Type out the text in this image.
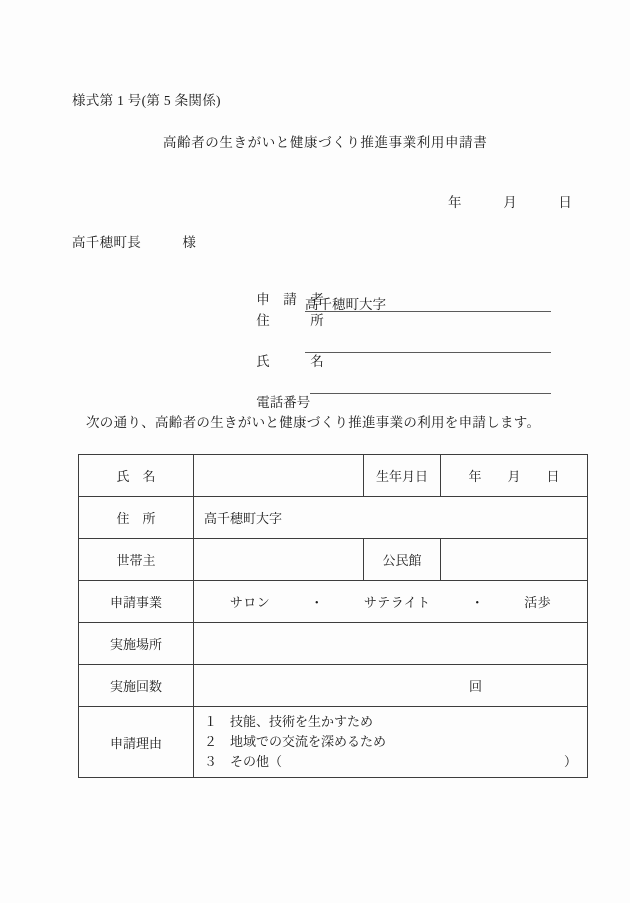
様式第 1 号(第 5 条関係)
高齢者の生きがいと健康づくり推進事業利用申請書
年　　　月　　　日
高千穂町長　　　様

申　請　者

住　　　所

高千穂町大字

氏　　　名

電話番号

次の通り、高齢者の生きがいと健康づくり推進事業の利用を申請します。
氏　名		生年月日	年　　月　　日
住　所	高千穂町大字		
世帯主		公民館	
申請事業	サロン　　　・　　　サテライト　　　・　　　活歩		

実施場所			
実施回数	回		
申請理由	１　技能、技術を生かすため
２　地域での交流を深めるため
３　その他（ ）		
